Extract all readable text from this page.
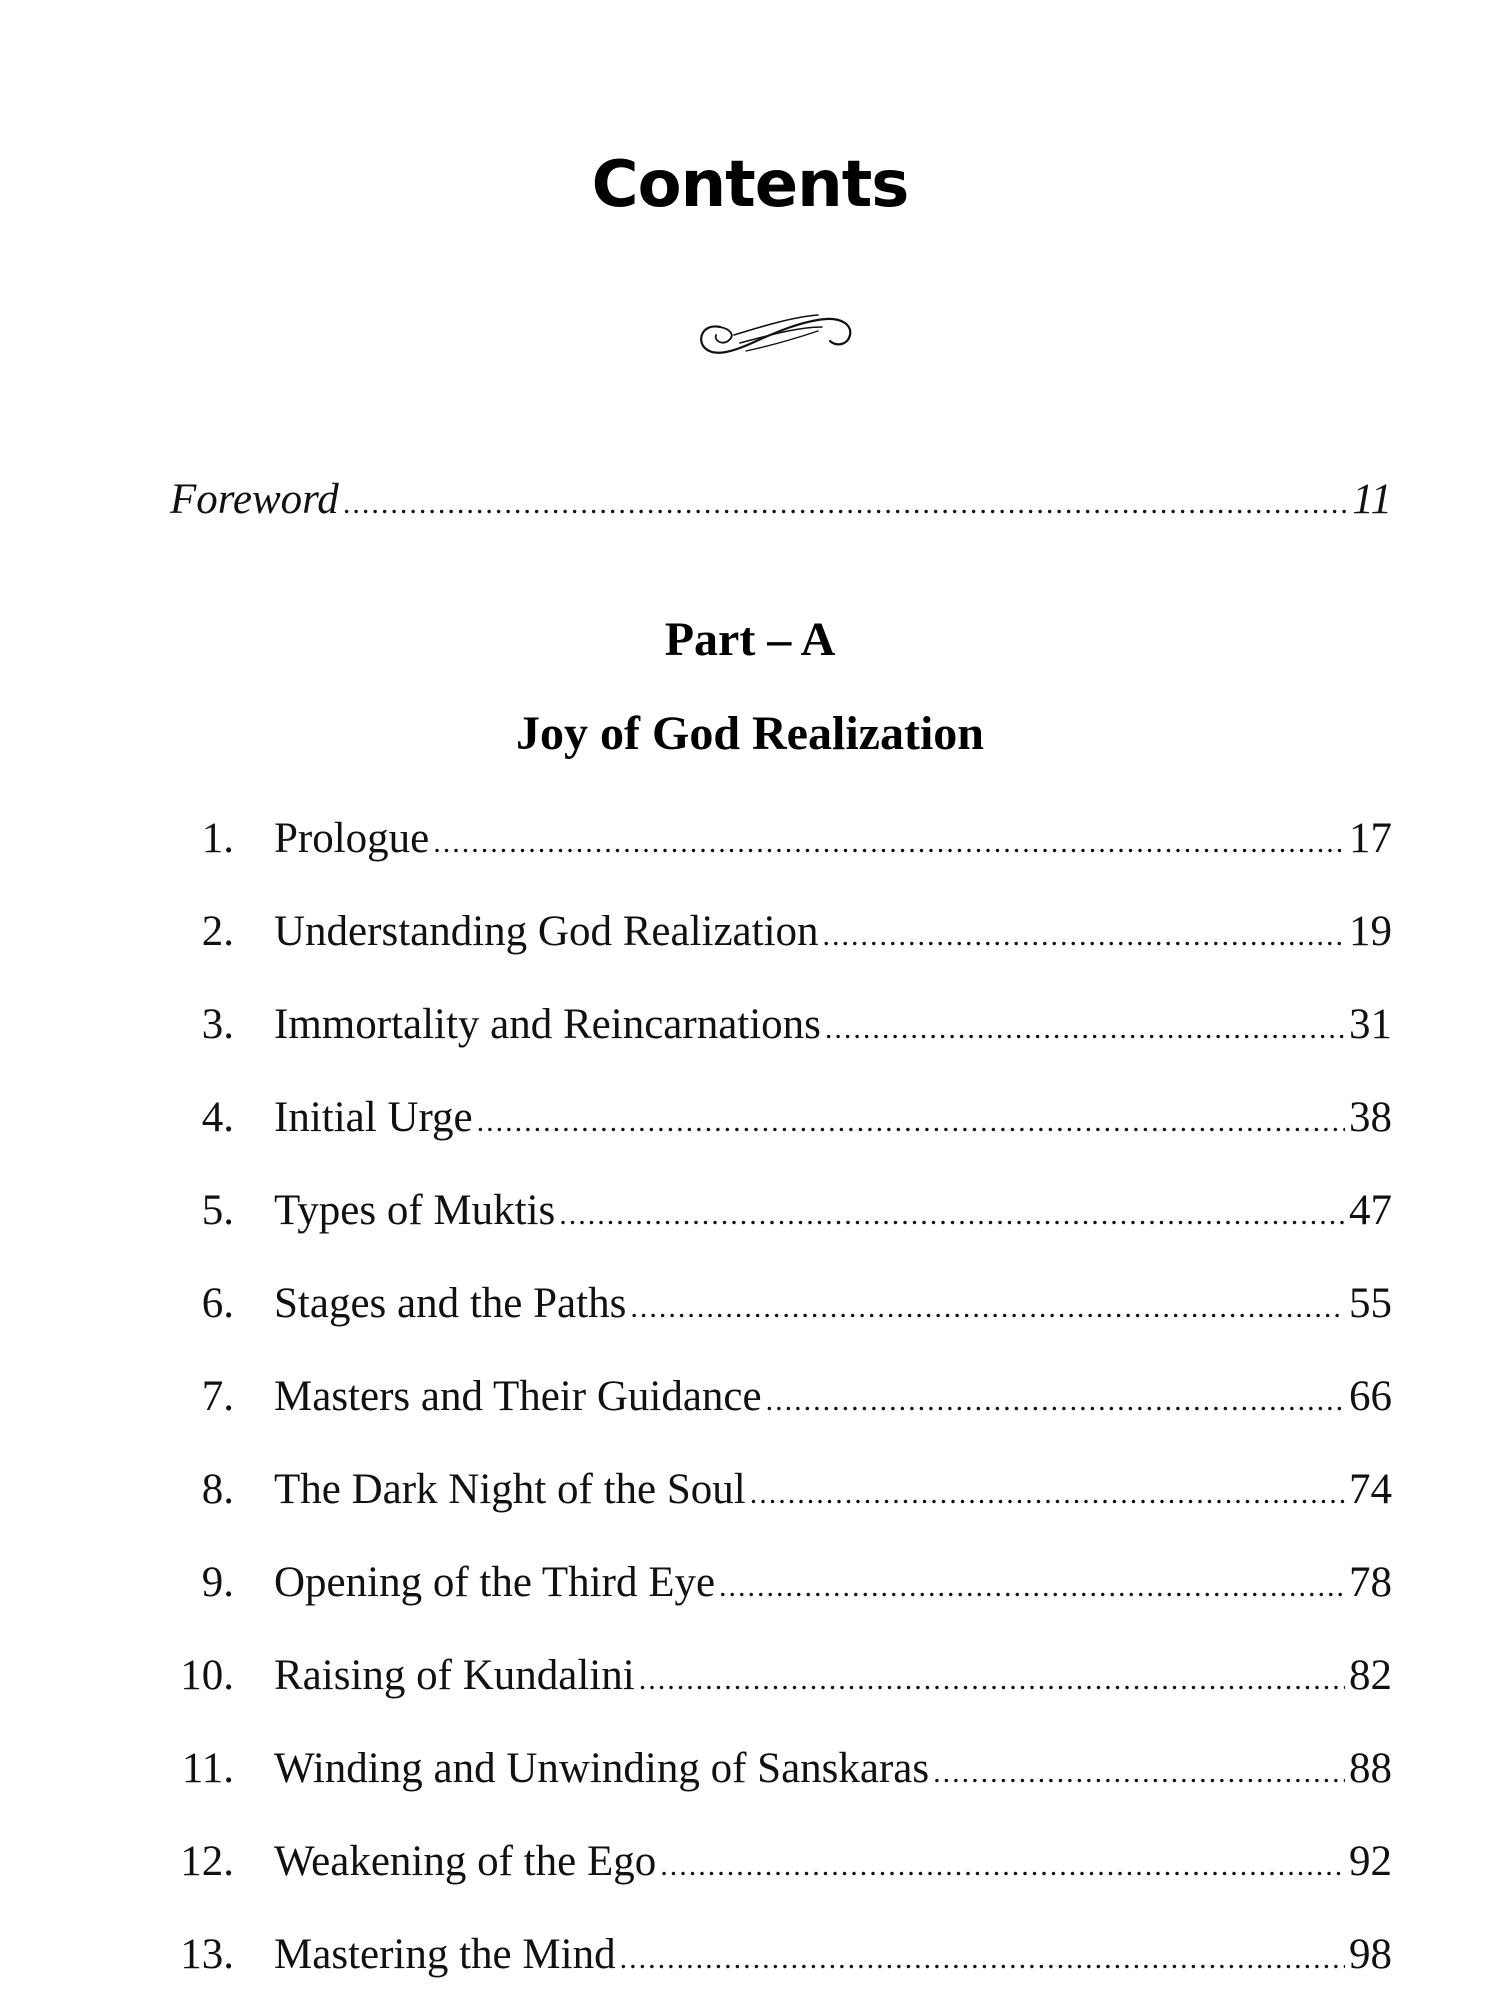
Contents
Foreword .....	11
Part – A
Joy of God Realization
1. Prologue .....	17
2. Understanding God Realization .....	19
3. Immortality and Reincarnations .....	31
4. Initial Urge .....	38
5. Types of Muktis .....	47
6. Stages and the Paths .....	55
7. Masters and Their Guidance .....	66
8. The Dark Night of the Soul .....	74
9. Opening of the Third Eye .....	78
10. Raising of Kundalini .....	82
11. Winding and Unwinding of Sanskaras .....	88
12. Weakening of the Ego .....	92
13. Mastering the Mind .....	98
